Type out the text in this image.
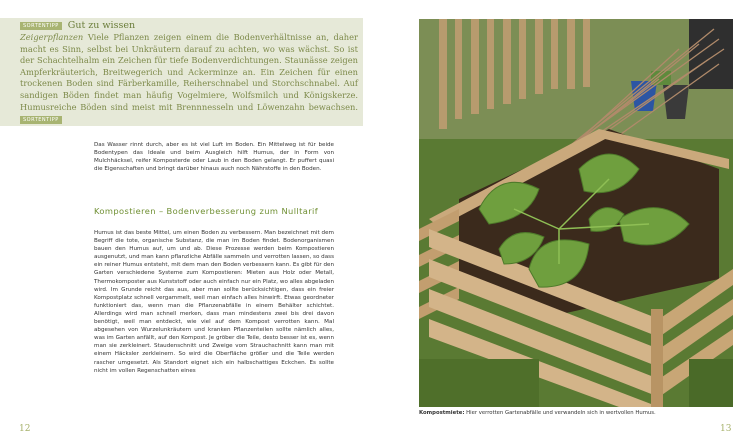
SORTENTIPP Gut zu wissen
Zeigerpflanzen Viele Pflanzen zeigen einem die Bodenverhältnisse an, daher macht es Sinn, selbst bei Unkräutern darauf zu achten, wo was wächst. So ist der Schachtelhalm ein Zeichen für tiefe Bodenverdichtungen. Staunässe zeigen Ampferkräuterich, Breitwegerich und Ackerminze an. Ein Zeichen für einen trockenen Boden sind Färberkamille, Reiherschnabel und Storchschnabel. Auf sandigen Böden findet man häufig Vogelmiere, Wolfsmilch und Königskerze. Humusreiche Böden sind meist mit Brennnesseln und Löwenzahn bewachsen. SORTENTIPP
Das Wasser rinnt durch, aber es ist viel Luft im Boden. Ein Mittelweg ist für beide Bodentypen das Ideale und beim Ausgleich hilft Humus, der in Form von Mulchhäcksel, reifer Komposterde oder Laub in den Boden gelangt. Er puffert quasi die Eigenschaften und bringt darüber hinaus auch noch Nährstoffe in den Boden.
Kompostieren – Bodenverbesserung zum Nulltarif
Humus ist das beste Mittel, um einen Boden zu verbessern. Man bezeichnet mit dem Begriff die tote, organische Substanz, die man im Boden findet. Bodenorganismen bauen den Humus auf, um und ab. Diese Prozesse werden beim Kompostieren ausgenutzt, und man kann pflanzliche Abfälle sammeln und verrotten lassen, so dass ein reiner Humus entsteht, mit dem man den Boden verbessern kann. Es gibt für den Garten verschiedene Systeme zum Kompostieren: Mieten aus Holz oder Metall, Thermokomposter aus Kunststoff oder auch einfach nur ein Platz, wo alles abgeladen wird. Im Grunde reicht das aus, aber man sollte berücksichtigen, dass ein freier Kompostplatz schnell vergammelt, weil man einfach alles hinwirft. Etwas geordneter funktioniert das, wenn man die Pflanzenabfälle in einem Behälter schichtet. Allerdings wird man schnell merken, dass man mindestens zwei bis drei davon benötigt, weil man entdeckt, wie viel auf dem Kompost verrotten kann. Mal abgesehen von Wurzelunkräutern und kranken Pflanzenteilen sollte nämlich alles, was im Garten anfällt, auf den Kompost. Je gröber die Teile, desto besser ist es, wenn man sie zerkleinert. Staudenschnitt und Zweige vom Strauchschnitt kann man mit einem Häcksler zerkleinern. So wird die Oberfläche größer und die Teile werden rascher umgesetzt. Als Standort eignet sich ein halbschattiges Eckchen. Es sollte nicht im vollen Regenschatten eines
12	13
Kompostmiete: Hier verrotten Gartenabfälle und verwandeln sich in wertvollen Humus.
